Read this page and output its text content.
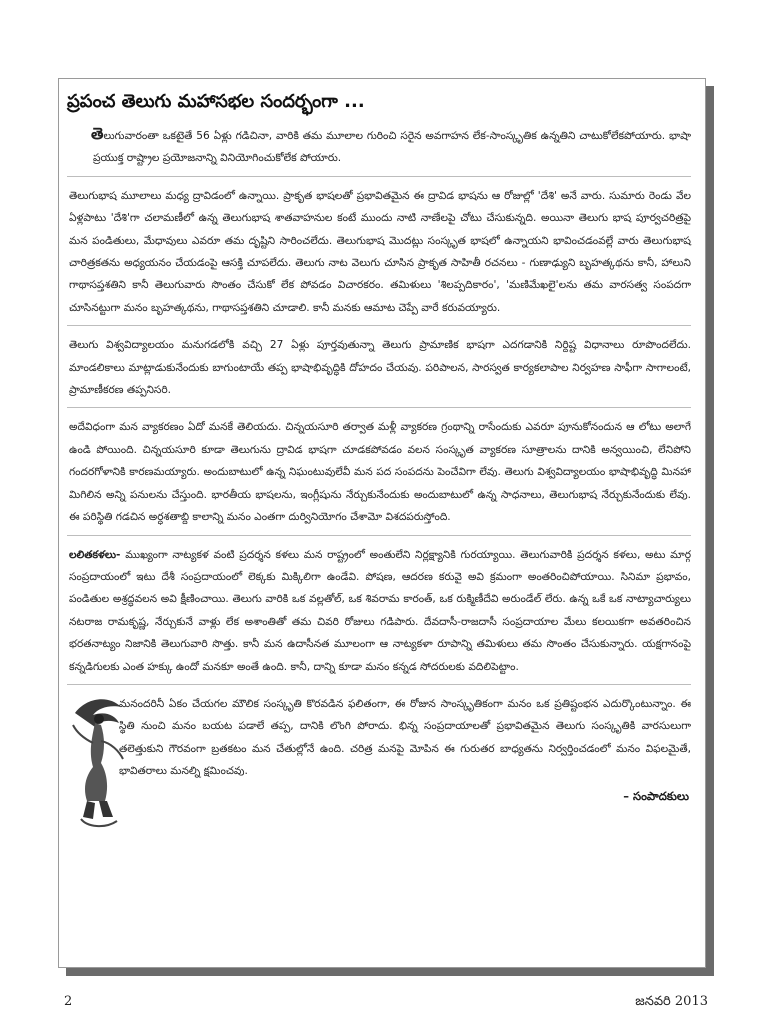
ప్రపంచ తెలుగు మహాసభల సందర్భంగా ...

తెలుగువారంతా ఒకటైతే 56 ఏళ్లు గడిచినా, వారికి తమ మూలాల గురించి సరైన అవగాహన లేక-సాంస్కృతిక ఉన్నతిని చాటుకోలేకపోయారు. భాషా ప్రయుక్త రాష్ట్రాల ప్రయోజనాన్ని వినియోగించుకోలేక పోయారు.

తెలుగుభాష మూలాలు మధ్య ద్రావిడంలో ఉన్నాయి. ప్రాకృత భాషలతో ప్రభావితమైన ఈ ద్రావిడ భాషను ఆ రోజుల్లో 'దేశి' అనే వారు. సుమారు రెండు వేల ఏళ్లపాటు 'దేశి'గా చలామణీలో ఉన్న తెలుగుభాష శాతవాహనుల కంటే ముందు నాటి నాణేలపై చోటు చేసుకున్నది. అయినా తెలుగు భాష పూర్వచరిత్రపై మన పండితులు, మేధావులు ఎవరూ తమ దృష్టిని సారించలేదు. తెలుగుభాష మొదట్లు సంస్కృత భాషలో ఉన్నాయని భావించడంవల్లే వారు తెలుగుభాష చారిత్రకతను అధ్యయనం చేయడంపై ఆసక్తి చూపలేదు. తెలుగు నాట వెలుగు చూసిన ప్రాకృత సాహితీ రచనలు - గుణాఢ్యుని బృహత్కథను కానీ, హాలుని గాథాసప్తశతిని కానీ తెలుగువారు సొంతం చేసుకో లేక పోవడం విచారకరం. తమిళులు 'శిలప్పదికారం', 'మణిమేఖలై'లను తమ వారసత్వ సంపదగా చూసినట్టుగా మనం బృహత్కథను, గాథాసప్తశతిని చూడాలి. కానీ మనకు ఆమాట చెప్పే వారే కరువయ్యారు.

తెలుగు విశ్వవిద్యాలయం మనుగడలోకి వచ్చి 27 ఏళ్లు పూర్తవుతున్నా తెలుగు ప్రామాణిక భాషగా ఎదగడానికి నిర్దిష్ట విధానాలు రూపొందలేదు. మాండలికాలు మాట్లాడుకునేందుకు బాగుంటాయే తప్ప భాషాభివృద్ధికి దోహదం చేయవు. పరిపాలన, సారస్వత కార్యకలాపాల నిర్వహణ సాఫీగా సాగాలంటే, ప్రామాణీకరణ తప్పనిసరి.

అదేవిధంగా మన వ్యాకరణం ఏదో మనకే తెలియదు. చిన్నయసూరి తర్వాత మళ్లీ వ్యాకరణ గ్రంథాన్ని రాసేందుకు ఎవరూ పూనుకోనందున ఆ లోటు అలాగే ఉండి పోయింది. చిన్నయసూరి కూడా తెలుగును ద్రావిడ భాషగా చూడకపోవడం వలన సంస్కృత వ్యాకరణ సూత్రాలను దానికి అన్వయించి, లేనిపోని గందరగోళానికి కారణమయ్యారు. అందుబాటులో ఉన్న నిఘంటువులేవీ మన పద సంపదను పెంచేవిగా లేవు. తెలుగు విశ్వవిద్యాలయం భాషాభివృద్ధి మినహా మిగిలిన అన్ని పనులను చేస్తుంది. భారతీయ భాషలను, ఇంగ్లీషును నేర్చుకునేందుకు అందుబాటులో ఉన్న సాధనాలు, తెలుగుభాష నేర్చుకునేందుకు లేవు. ఈ పరిస్థితి గడచిన అర్ధశతాబ్ది కాలాన్ని మనం ఎంతగా దుర్వినియోగం చేశామో విశదపరుస్తోంది.

లలితకళలు- ముఖ్యంగా నాట్యకళ వంటి ప్రదర్శన కళలు మన రాష్ట్రంలో అంతులేని నిర్లక్ష్యానికి గురయ్యాయి. తెలుగువారికి ప్రదర్శన కళలు, అటు మార్గ సంప్రదాయంలో ఇటు దేశీ సంప్రదాయంలో లెక్కకు మిక్కిలిగా ఉండేవి. పోషణ, ఆదరణ కరువై అవి క్రమంగా అంతరించిపోయాయి. సినిమా ప్రభావం, పండితుల అశ్రద్ధవలన అవి క్షీణించాయి. తెలుగు వారికి ఒక వల్లతోల్, ఒక శివరామ కారంత్, ఒక రుక్మిణీదేవి అరుండేల్ లేరు. ఉన్న ఒకే ఒక నాట్యాచార్యులు నటరాజ రామకృష్ణ, నేర్చుకునే వాళ్లు లేక అశాంతితో తమ చివరి రోజులు గడిపారు. దేవదాసీ-రాజదాసీ సంప్రదాయాల మేలు కలయికగా అవతరించిన భరతనాట్యం నిజానికి తెలుగువారి సొత్తు. కానీ మన ఉదాసీనత మూలంగా ఆ నాట్యకళా రూపాన్ని తమిళులు తమ సొంతం చేసుకున్నారు. యక్షగానంపై కన్నడిగులకు ఎంత హక్కు ఉందో మనకూ అంతే ఉంది. కానీ, దాన్ని కూడా మనం కన్నడ సోదరులకు వదిలిపెట్టాం.

మనందరినీ ఏకం చేయగల మౌలిక సంస్కృతి కొరవడిన ఫలితంగా, ఈ రోజున సాంస్కృతికంగా మనం ఒక ప్రతిష్టంభన ఎదుర్కొంటున్నాం. ఈ స్థితి నుంచి మనం బయట పడాలే తప్ప, దానికి లొంగి పోరాదు. భిన్న సంప్రదాయాలతో ప్రభావితమైన తెలుగు సంస్కృతికి వారసులుగా తలెత్తుకుని గౌరవంగా బ్రతకటం మన చేతుల్లోనే ఉంది. చరిత్ర మనపై మోపిన ఈ గురుతర బాధ్యతను నిర్వర్తించడంలో మనం విఫలమైతే, భావితరాలు మనల్ని క్షమించవు.

– సంపాదకులు
2	జనవరి 2013
